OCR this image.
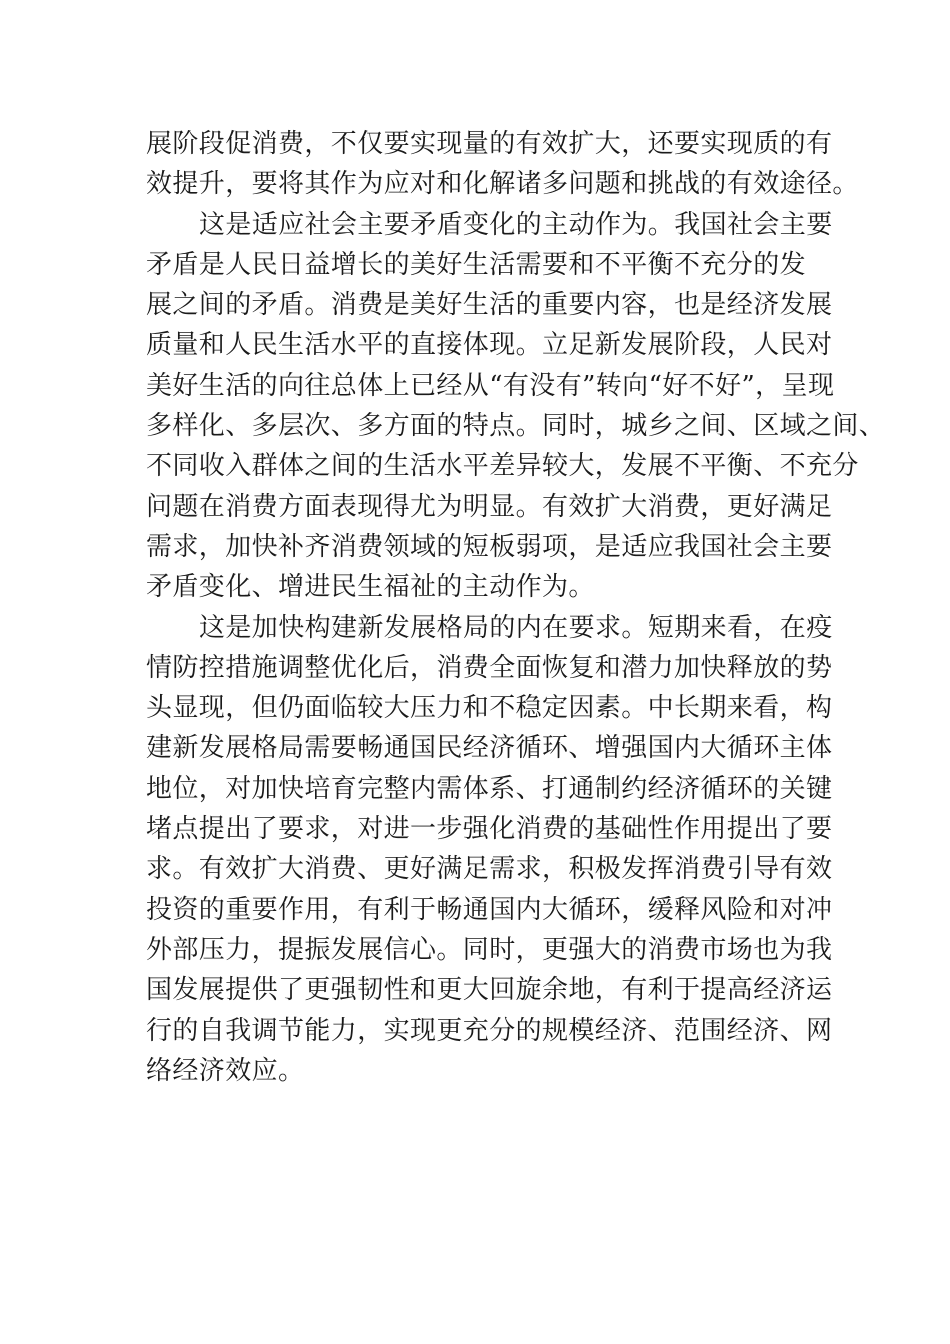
展阶段促消费，不仅要实现量的有效扩大，还要实现质的有
效提升，要将其作为应对和化解诸多问题和挑战的有效途径。

这是适应社会主要矛盾变化的主动作为。我国社会主要
矛盾是人民日益增长的美好生活需要和不平衡不充分的发
展之间的矛盾。消费是美好生活的重要内容，也是经济发展
质量和人民生活水平的直接体现。立足新发展阶段，人民对
美好生活的向往总体上已经从“有没有”转向“好不好”，呈现
多样化、多层次、多方面的特点。同时，城乡之间、区域之间、
不同收入群体之间的生活水平差异较大，发展不平衡、不充分
问题在消费方面表现得尤为明显。有效扩大消费，更好满足
需求，加快补齐消费领域的短板弱项，是适应我国社会主要
矛盾变化、增进民生福祉的主动作为。

这是加快构建新发展格局的内在要求。短期来看，在疫
情防控措施调整优化后，消费全面恢复和潜力加快释放的势
头显现，但仍面临较大压力和不稳定因素。中长期来看，构
建新发展格局需要畅通国民经济循环、增强国内大循环主体
地位，对加快培育完整内需体系、打通制约经济循环的关键
堵点提出了要求，对进一步强化消费的基础性作用提出了要
求。有效扩大消费、更好满足需求，积极发挥消费引导有效
投资的重要作用，有利于畅通国内大循环，缓释风险和对冲
外部压力，提振发展信心。同时，更强大的消费市场也为我
国发展提供了更强韧性和更大回旋余地，有利于提高经济运
行的自我调节能力，实现更充分的规模经济、范围经济、网
络经济效应。
